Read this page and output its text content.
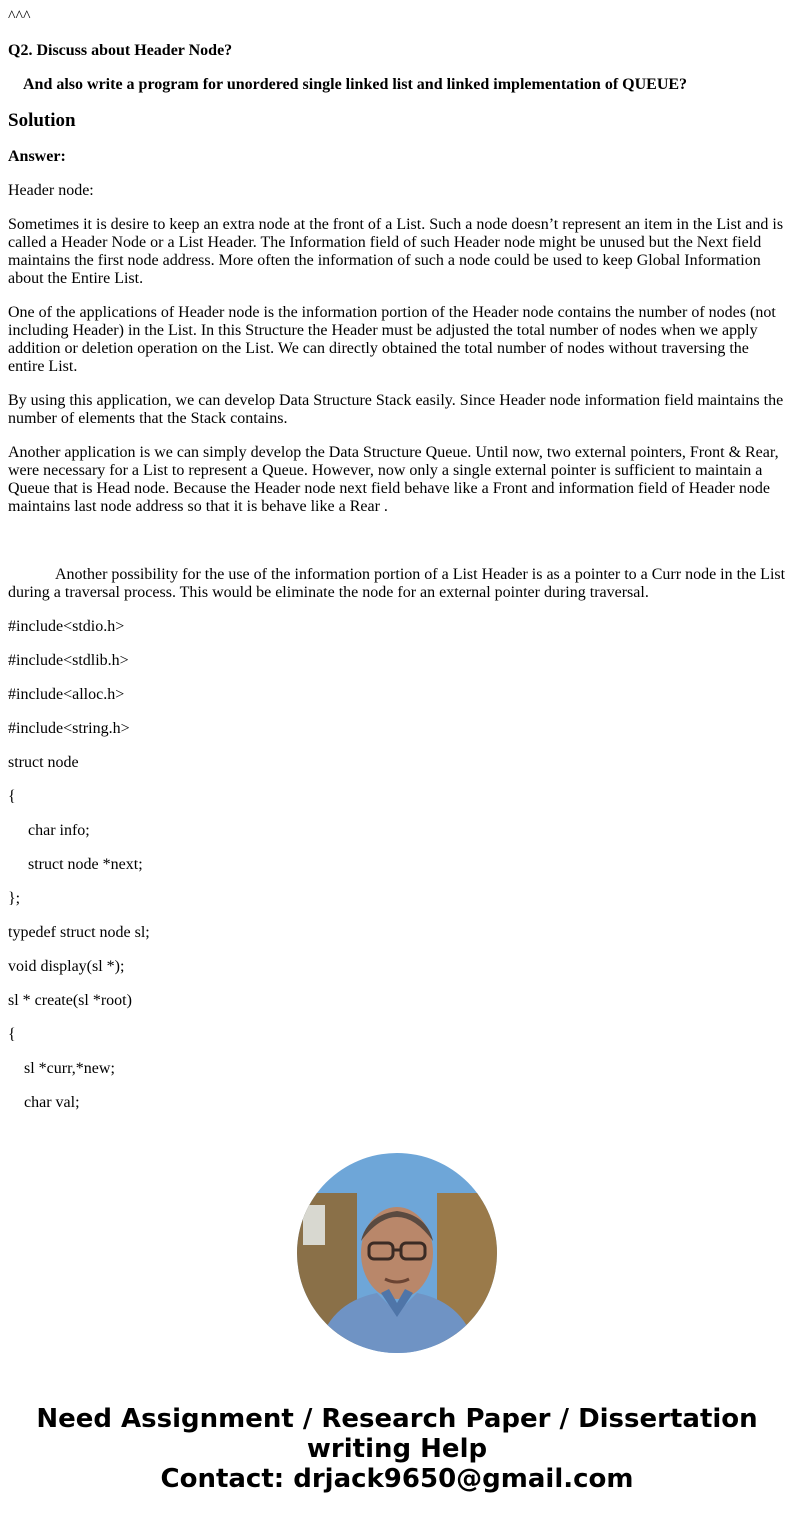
^^^

Q2. Discuss about Header Node?

And also write a program for unordered single linked list and linked implementation of QUEUE?

Solution

Answer:

Header node:

Sometimes it is desire to keep an extra node at the front of a List. Such a node doesn’t represent an item in the List and is called a Header Node or a List Header. The Information field of such Header node might be unused but the Next field maintains the first node address. More often the information of such a node could be used to keep Global Information about the Entire List.

One of the applications of Header node is the information portion of the Header node contains the number of nodes (not including Header) in the List. In this Structure the Header must be adjusted the total number of nodes when we apply addition or deletion operation on the List. We can directly obtained the total number of nodes without traversing the entire List.

By using this application, we can develop Data Structure Stack easily. Since Header node information field maintains the number of elements that the Stack contains.

Another application is we can simply develop the Data Structure Queue. Until now, two external pointers, Front & Rear, were necessary for a List to represent a Queue. However, now only a single external pointer is sufficient to maintain a Queue that is Head node. Because the Header node next field behave like a Front and information field of Header node maintains last node address so that it is behave like a Rear .

Another possibility for the use of the information portion of a List Header is as a pointer to a Curr node in the List during a traversal process. This would be eliminate the node for an external pointer during traversal.

#include<stdio.h>

#include<stdlib.h>

#include<alloc.h>

#include<string.h>

struct node

{

char info;

struct node *next;

};

typedef struct node sl;

void display(sl *);

sl * create(sl *root)

{

sl *curr,*new;

char val;

Need Assignment / Research Paper / Dissertation
writing Help
Contact: drjack9650@gmail.com
